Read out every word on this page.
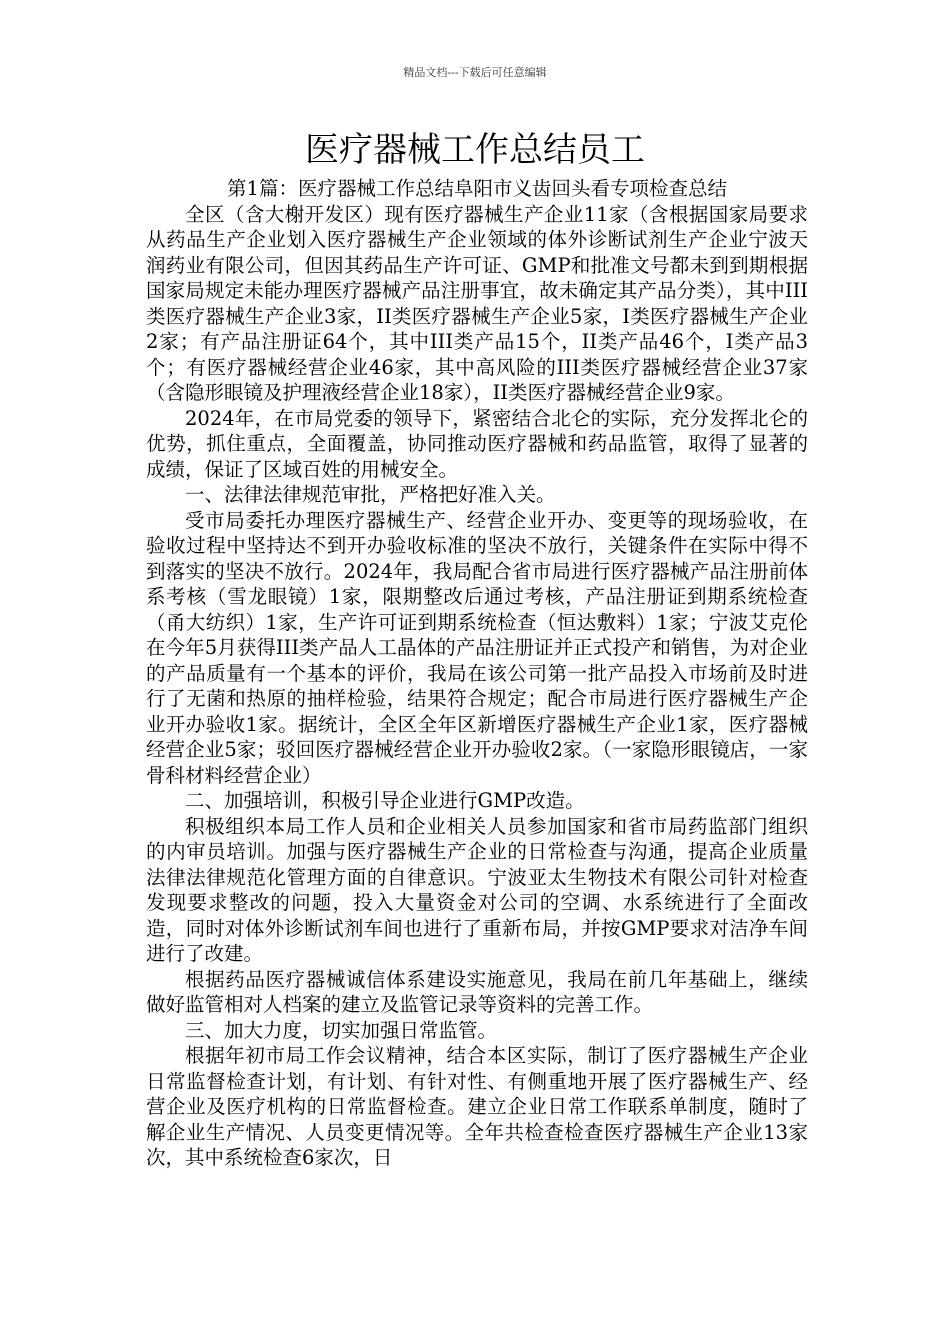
精品文档---下载后可任意编辑
医疗器械工作总结员工

第1篇：医疗器械工作总结阜阳市义齿回头看专项检查总结

全区（含大榭开发区）现有医疗器械生产企业11家（含根据国家局要求从药品生产企业划入医疗器械生产企业领域的体外诊断试剂生产企业宁波天润药业有限公司，但因其药品生产许可证、GMP和批准文号都未到到期根据国家局规定未能办理医疗器械产品注册事宜，故未确定其产品分类），其中III类医疗器械生产企业3家，II类医疗器械生产企业5家，I类医疗器械生产企业2家；有产品注册证64个，其中III类产品15个，II类产品46个，I类产品3个；有医疗器械经营企业46家，其中高风险的III类医疗器械经营企业37家（含隐形眼镜及护理液经营企业18家），II类医疗器械经营企业9家。

2024年，在市局党委的领导下，紧密结合北仑的实际，充分发挥北仑的优势，抓住重点，全面覆盖，协同推动医疗器械和药品监管，取得了显著的成绩，保证了区域百姓的用械安全。

一、法律法律规范审批，严格把好准入关。

受市局委托办理医疗器械生产、经营企业开办、变更等的现场验收，在验收过程中坚持达不到开办验收标准的坚决不放行，关键条件在实际中得不到落实的坚决不放行。2024年，我局配合省市局进行医疗器械产品注册前体系考核（雪龙眼镜）1家，限期整改后通过考核，产品注册证到期系统检查（甬大纺织）1家，生产许可证到期系统检查（恒达敷料）1家；宁波艾克伦在今年5月获得III类产品人工晶体的产品注册证并正式投产和销售，为对企业的产品质量有一个基本的评价，我局在该公司第一批产品投入市场前及时进行了无菌和热原的抽样检验，结果符合规定；配合市局进行医疗器械生产企业开办验收1家。据统计，全区全年区新增医疗器械生产企业1家，医疗器械经营企业5家；驳回医疗器械经营企业开办验收2家。（一家隐形眼镜店，一家骨科材料经营企业）

二、加强培训，积极引导企业进行GMP改造。

积极组织本局工作人员和企业相关人员参加国家和省市局药监部门组织的内审员培训。加强与医疗器械生产企业的日常检查与沟通，提高企业质量法律法律规范化管理方面的自律意识。宁波亚太生物技术有限公司针对检查发现要求整改的问题，投入大量资金对公司的空调、水系统进行了全面改造，同时对体外诊断试剂车间也进行了重新布局，并按GMP要求对洁净车间进行了改建。

根据药品医疗器械诚信体系建设实施意见，我局在前几年基础上，继续做好监管相对人档案的建立及监管记录等资料的完善工作。

三、加大力度，切实加强日常监管。

根据年初市局工作会议精神，结合本区实际，制订了医疗器械生产企业日常监督检查计划，有计划、有针对性、有侧重地开展了医疗器械生产、经营企业及医疗机构的日常监督检查。建立企业日常工作联系单制度，随时了解企业生产情况、人员变更情况等。全年共检查检查医疗器械生产企业13家次，其中系统检查6家次，日
